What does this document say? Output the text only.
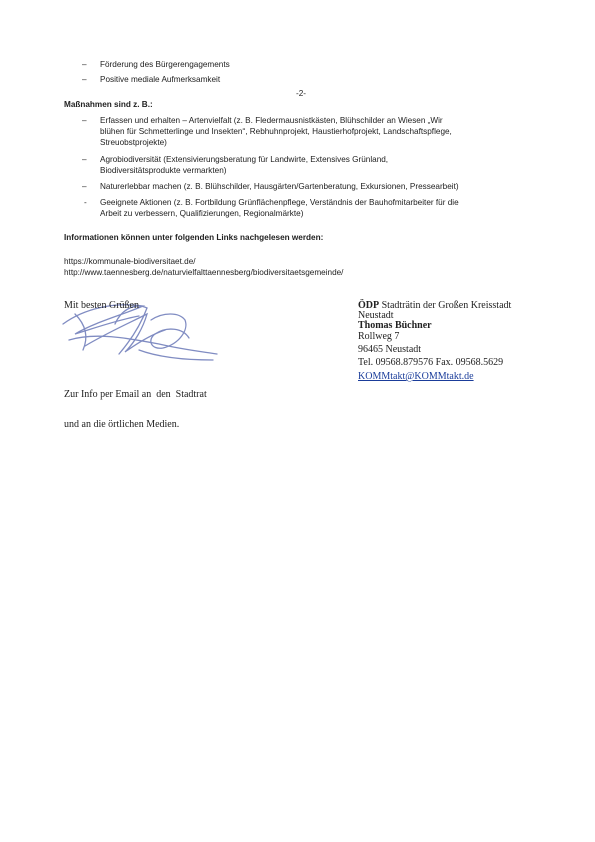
–	Förderung des Bürgerengagements
–	Positive mediale Aufmerksamkeit
-2-
Maßnahmen sind z. B.:
–	Erfassen und erhalten – Artenvielfalt (z. B. Fledermausnistkästen, Blühschilder an Wiesen „Wir
blühen für Schmetterlinge und Insekten“, Rebhuhnprojekt, Haustierhofprojekt, Landschaftspflege,
Streuobstprojekte)
–	Agrobiodiversität (Extensivierungsberatung für Landwirte, Extensives Grünland,
Biodiversitätsprodukte vermarkten)
–	Naturerlebbar machen (z. B. Blühschilder, Hausgärten/Gartenberatung, Exkursionen, Pressearbeit)
-	Geeignete Aktionen (z. B. Fortbildung Grünflächenpflege, Verständnis der Bauhofmitarbeiter für die
Arbeit zu verbessern, Qualifizierungen, Regionalmärkte)
Informationen können unter folgenden Links nachgelesen werden:
https://kommunale-biodiversitaet.de/
http://www.taennesberg.de/naturvielfalttaennesberg/biodiversitaetsgemeinde/
Mit besten Grüßen	ÖDP Stadträtin der Großen Kreisstadt
Neustadt
Thomas Büchner
Rollweg 7
96465 Neustadt
Tel. 09568.879576 Fax. 09568.5629
KOMMtakt@KOMMtakt.de
Zur Info per Email an  den  Stadtrat
und an die örtlichen Medien.
